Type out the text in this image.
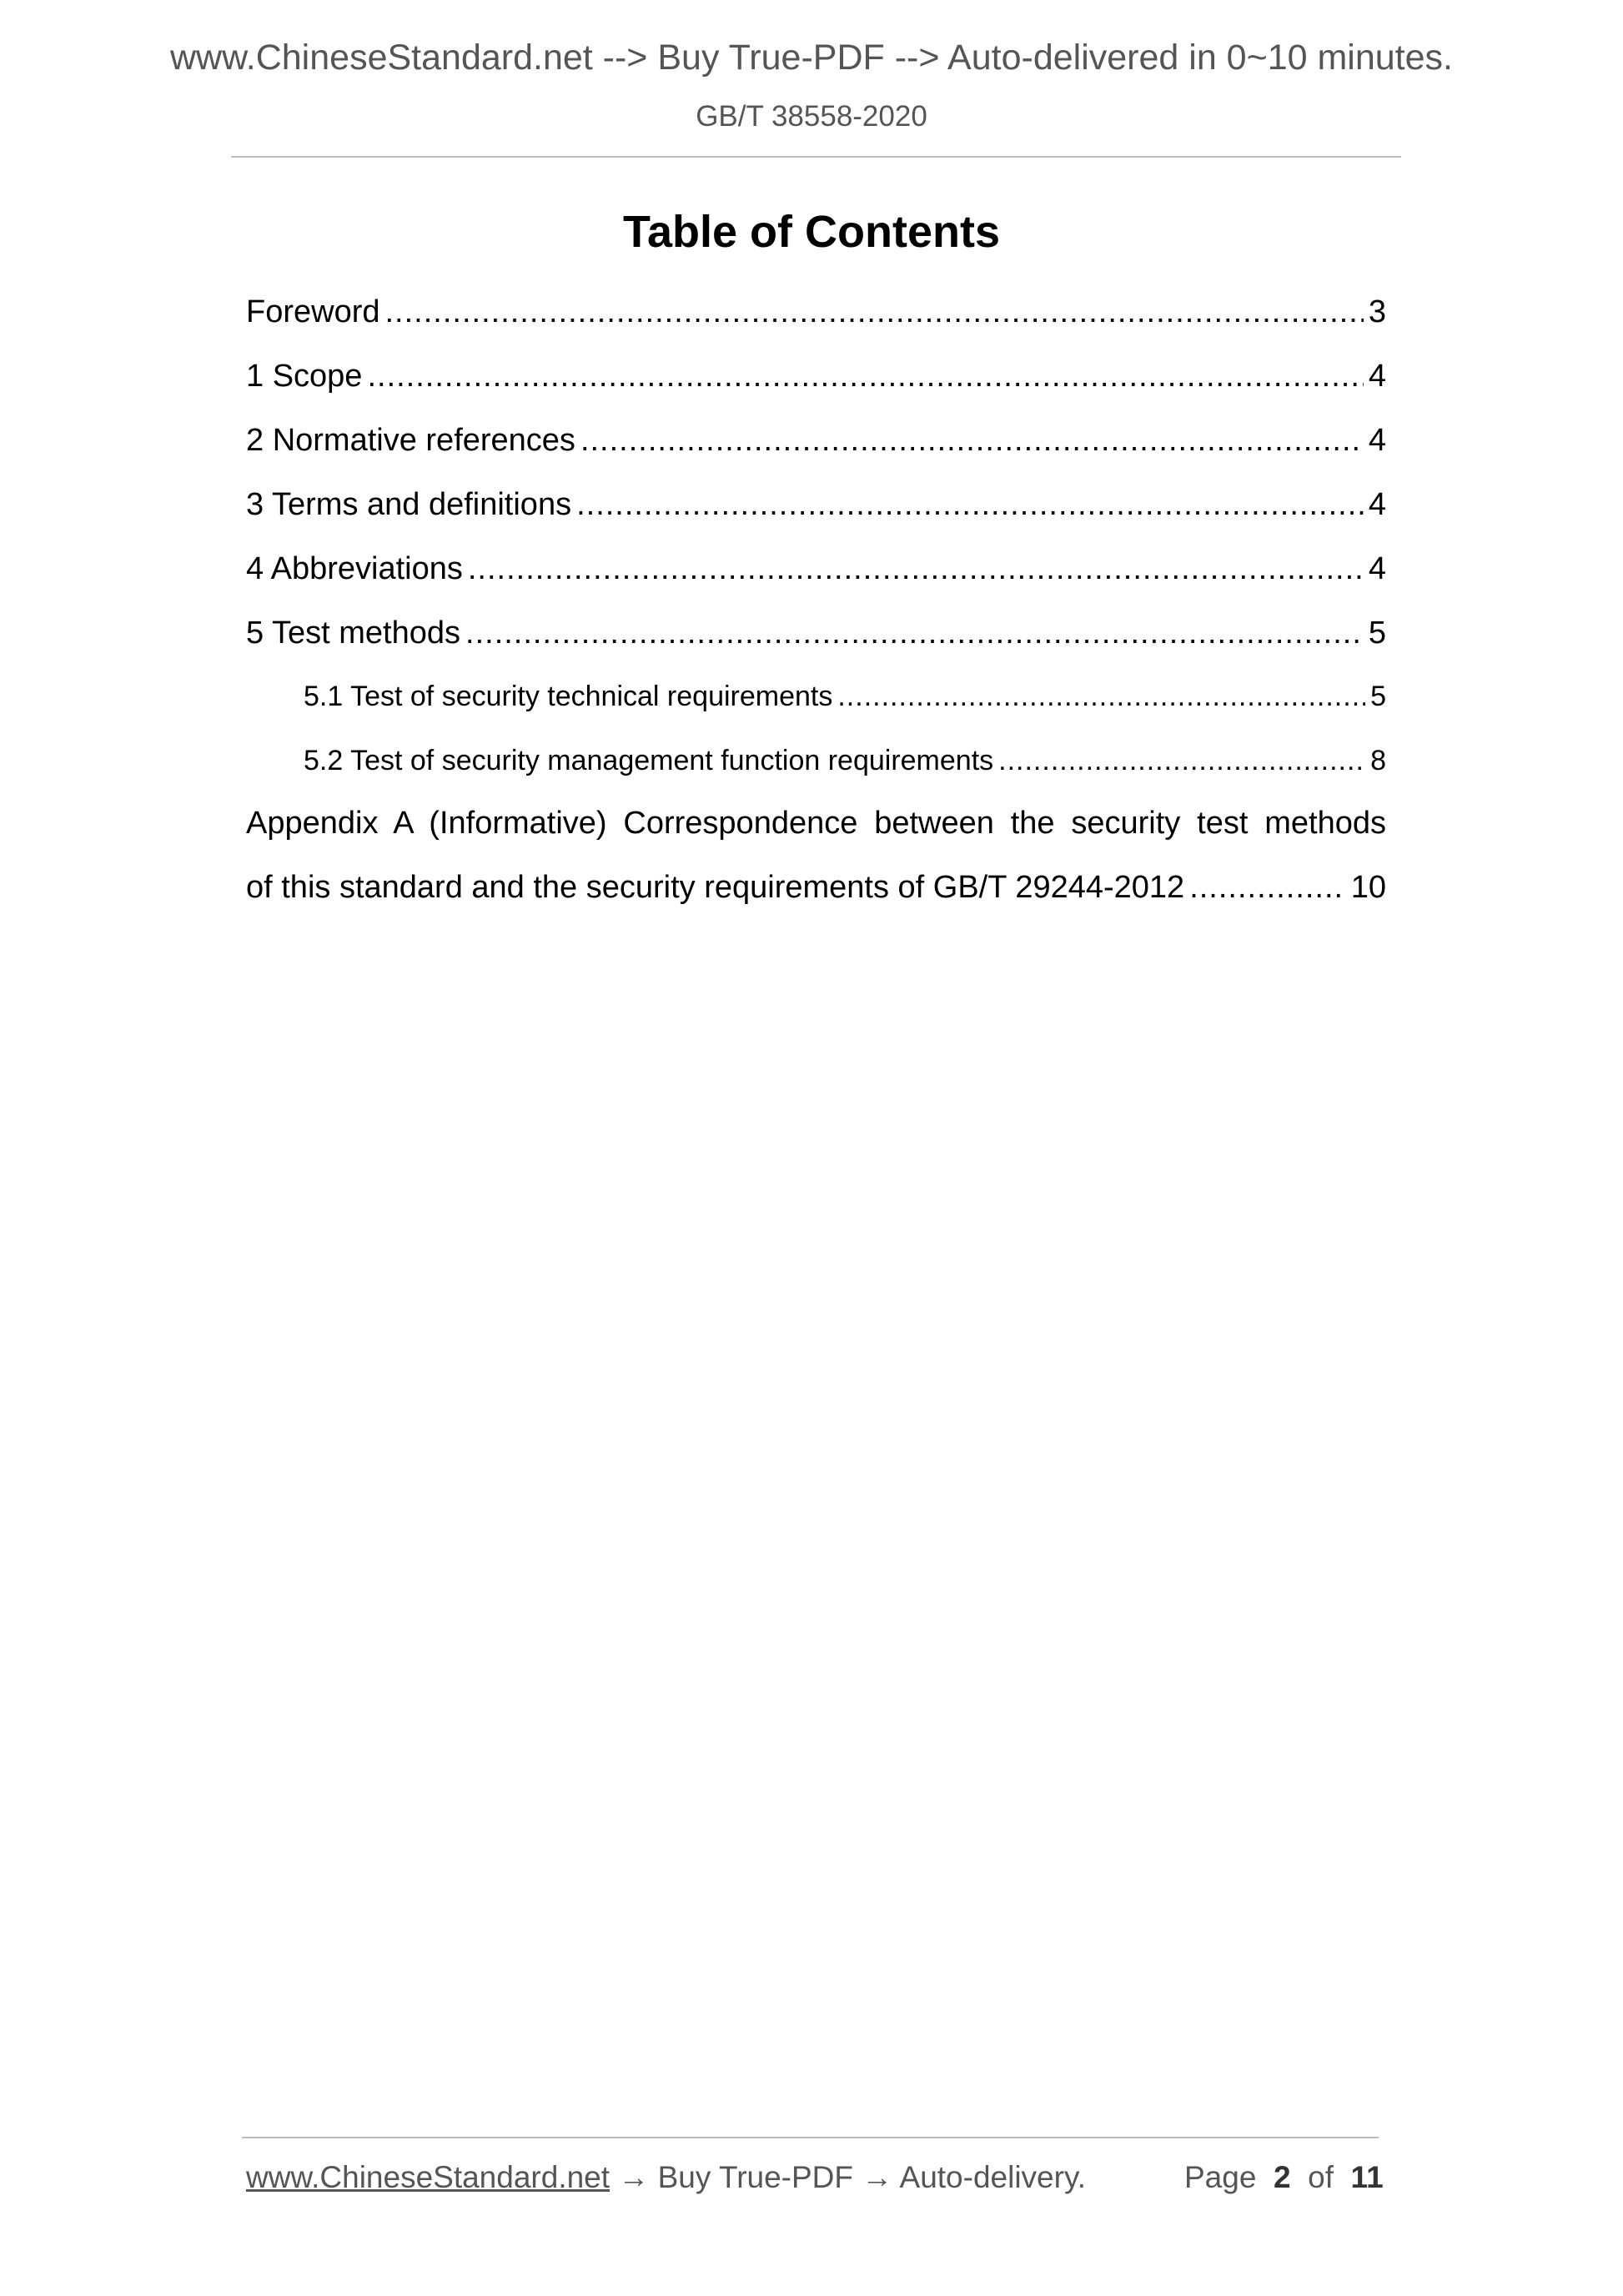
www.ChineseStandard.net --> Buy True-PDF --> Auto-delivered in 0~10 minutes.
GB/T 38558-2020
Table of Contents
Foreword .....	3
1 Scope .....	4
2 Normative references .....	4
3 Terms and definitions .....	4
4 Abbreviations .....	4
5 Test methods .....	5
5.1 Test of security technical requirements .....	5
5.2 Test of security management function requirements .....	8
Appendix A (Informative) Correspondence between the security test methods
of this standard and the security requirements of GB/T 29244-2012 .....	10
www.ChineseStandard.net → Buy True-PDF → Auto-delivery.	Page 2 of 11
